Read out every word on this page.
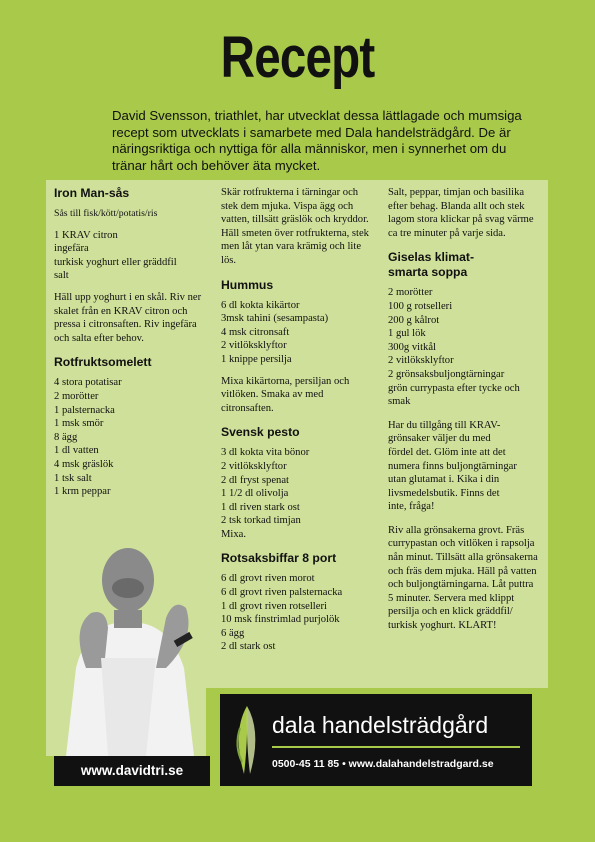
Recept
David Svensson, triathlet, har utvecklat dessa lättlagade och mumsiga recept som utvecklats i samarbete med Dala handelsträdgård. De är näringsriktiga och nyttiga för alla människor, men i synnerhet om du tränar hårt och behöver äta mycket.
Iron Man-sås

Sås till fisk/kött/potatis/ris

1 KRAV citron
ingefära
turkisk yoghurt eller gräddfil
salt

Häll upp yoghurt i en skål. Riv ner skalet från en KRAV citron och pressa i citronsaften. Riv ingefära och salta efter behov.

Rotfruktsomelett

4 stora potatisar
2 morötter
1 palsternacka
1 msk smör
8 ägg
1 dl vatten
4 msk gräslök
1 tsk salt
1 krm peppar

Skär rotfrukterna i tärningar och stek dem mjuka. Vispa ägg och vatten, tillsätt gräslök och kryddor. Häll smeten över rotfrukterna, stek men låt ytan vara krämig och lite lös.

Hummus

6 dl kokta kikärtor
3msk tahini (sesampasta)
4 msk citronsaft
2 vitlöksklyftor
1 knippe persilja

Mixa kikärtorna, persiljan och vitlöken. Smaka av med citronsaften.

Svensk pesto

3 dl kokta vita bönor
2 vitlöksklyftor
2 dl fryst spenat
1 1/2 dl olivolja
1 dl riven stark ost
2 tsk torkad timjan
Mixa.

Rotsaksbiffar 8 port

6 dl grovt riven morot
6 dl grovt riven palsternacka
1 dl grovt riven rotselleri
10 msk finstrimlad purjolök
6 ägg
2 dl stark ost

Salt, peppar, timjan och basilika efter behag. Blanda allt och stek lagom stora klickar på svag värme ca tre minuter på varje sida.

Giselas klimat-smarta soppa

2 morötter
100 g rotselleri
200 g kålrot
1 gul lök
300g vitkål
2 vitlöksklyftor
2 grönsaksbuljongtärningar
grön currypasta efter tycke och smak

Har du tillgång till KRAV-grönsaker väljer du med fördel det. Glöm inte att det numera finns buljongtärningar utan glutamat i. Kika i din livsmedelsbutik. Finns det inte, fråga!

Riv alla grönsakerna grovt. Fräs currypastan och vitlöken i rapsolja nån minut. Tillsätt alla grönsakerna och fräs dem mjuka. Häll på vatten och buljongtärningarna. Låt puttra 5 minuter. Servera med klippt persilja och en klick gräddfil/ turkisk yoghurt. KLART!

www.davidtri.se
dala handelsträdgård
0500-45 11 85 • www.dalahandelstradgard.se
